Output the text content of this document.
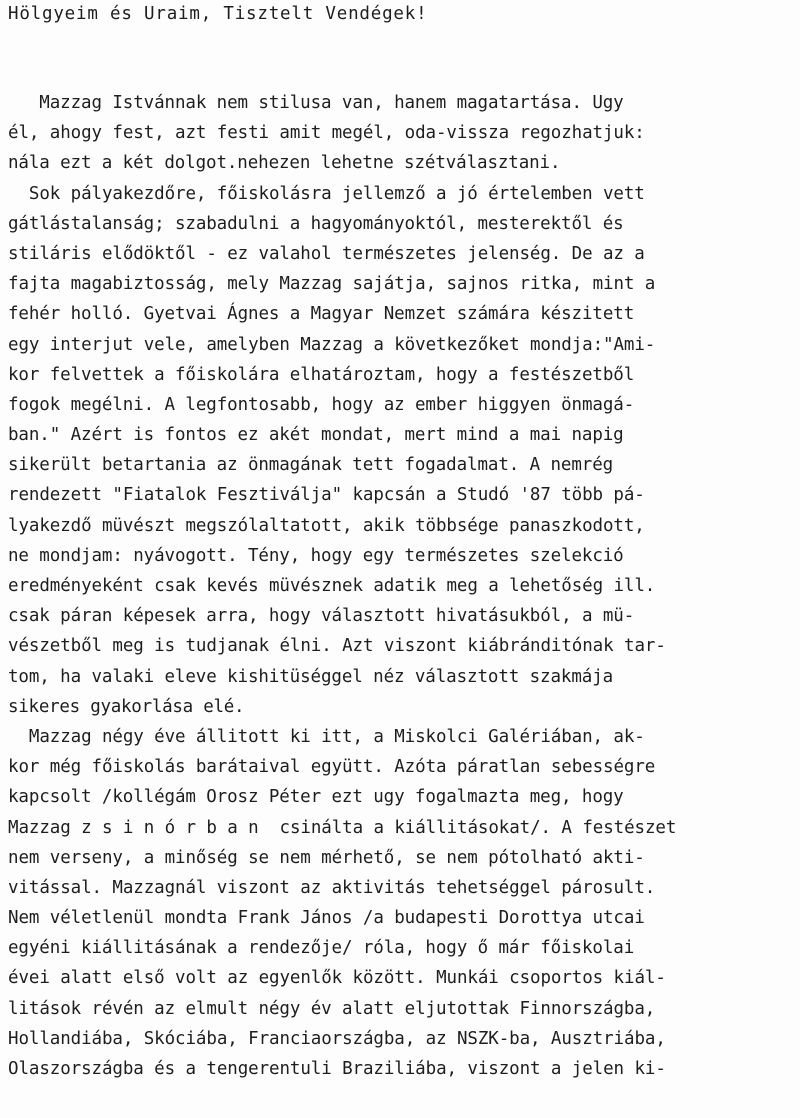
Hölgyeim és Uraim, Tisztelt Vendégek!
Mazzag Istvánnak nem stilusa van, hanem magatartása. Ugy
él, ahogy fest, azt festi amit megél, oda-vissza regozhatjuk:
nála ezt a két dolgot.nehezen lehetne szétválasztani.
Sok pályakezdőre, főiskolásra jellemző a jó értelemben vett
gátlástalanság; szabadulni a hagyományoktól, mesterektől és
stiláris elődöktől - ez valahol természetes jelenség. De az a
fajta magabiztosság, mely Mazzag sajátja, sajnos ritka, mint a
fehér holló. Gyetvai Ágnes a Magyar Nemzet számára készitett
egy interjut vele, amelyben Mazzag a következőket mondja:"Ami-
kor felvettek a főiskolára elhatároztam, hogy a festészetből
fogok megélni. A legfontosabb, hogy az ember higgyen önmagá-
ban." Azért is fontos ez akét mondat, mert mind a mai napig
sikerült betartania az önmagának tett fogadalmat. A nemrég
rendezett "Fiatalok Fesztiválja" kapcsán a Studó '87 több pá-
lyakezdő müvészt megszólaltatott, akik többsége panaszkodott,
ne mondjam: nyávogott. Tény, hogy egy természetes szelekció
eredményeként csak kevés müvésznek adatik meg a lehetőség ill.
csak páran képesek arra, hogy választott hivatásukból, a mü-
vészetből meg is tudjanak élni. Azt viszont kiábránditónak tar-
tom, ha valaki eleve kishitüséggel néz választott szakmája
sikeres gyakorlása elé.
Mazzag négy éve állitott ki itt, a Miskolci Galériában, ak-
kor még főiskolás barátaival együtt. Azóta páratlan sebességre
kapcsolt /kollégám Orosz Péter ezt ugy fogalmazta meg, hogy
Mazzag z s i n ó r b a n  csinálta a kiállitásokat/. A festészet
nem verseny, a minőség se nem mérhető, se nem pótolható akti-
vitással. Mazzagnál viszont az aktivitás tehetséggel párosult.
Nem véletlenül mondta Frank János /a budapesti Dorottya utcai
egyéni kiállitásának a rendezője/ róla, hogy ő már főiskolai
évei alatt első volt az egyenlők között. Munkái csoportos kiál-
litások révén az elmult négy év alatt eljutottak Finnországba,
Hollandiába, Skóciába, Franciaországba, az NSZK-ba, Ausztriába,
Olaszországba és a tengerentuli Braziliába, viszont a jelen ki-
